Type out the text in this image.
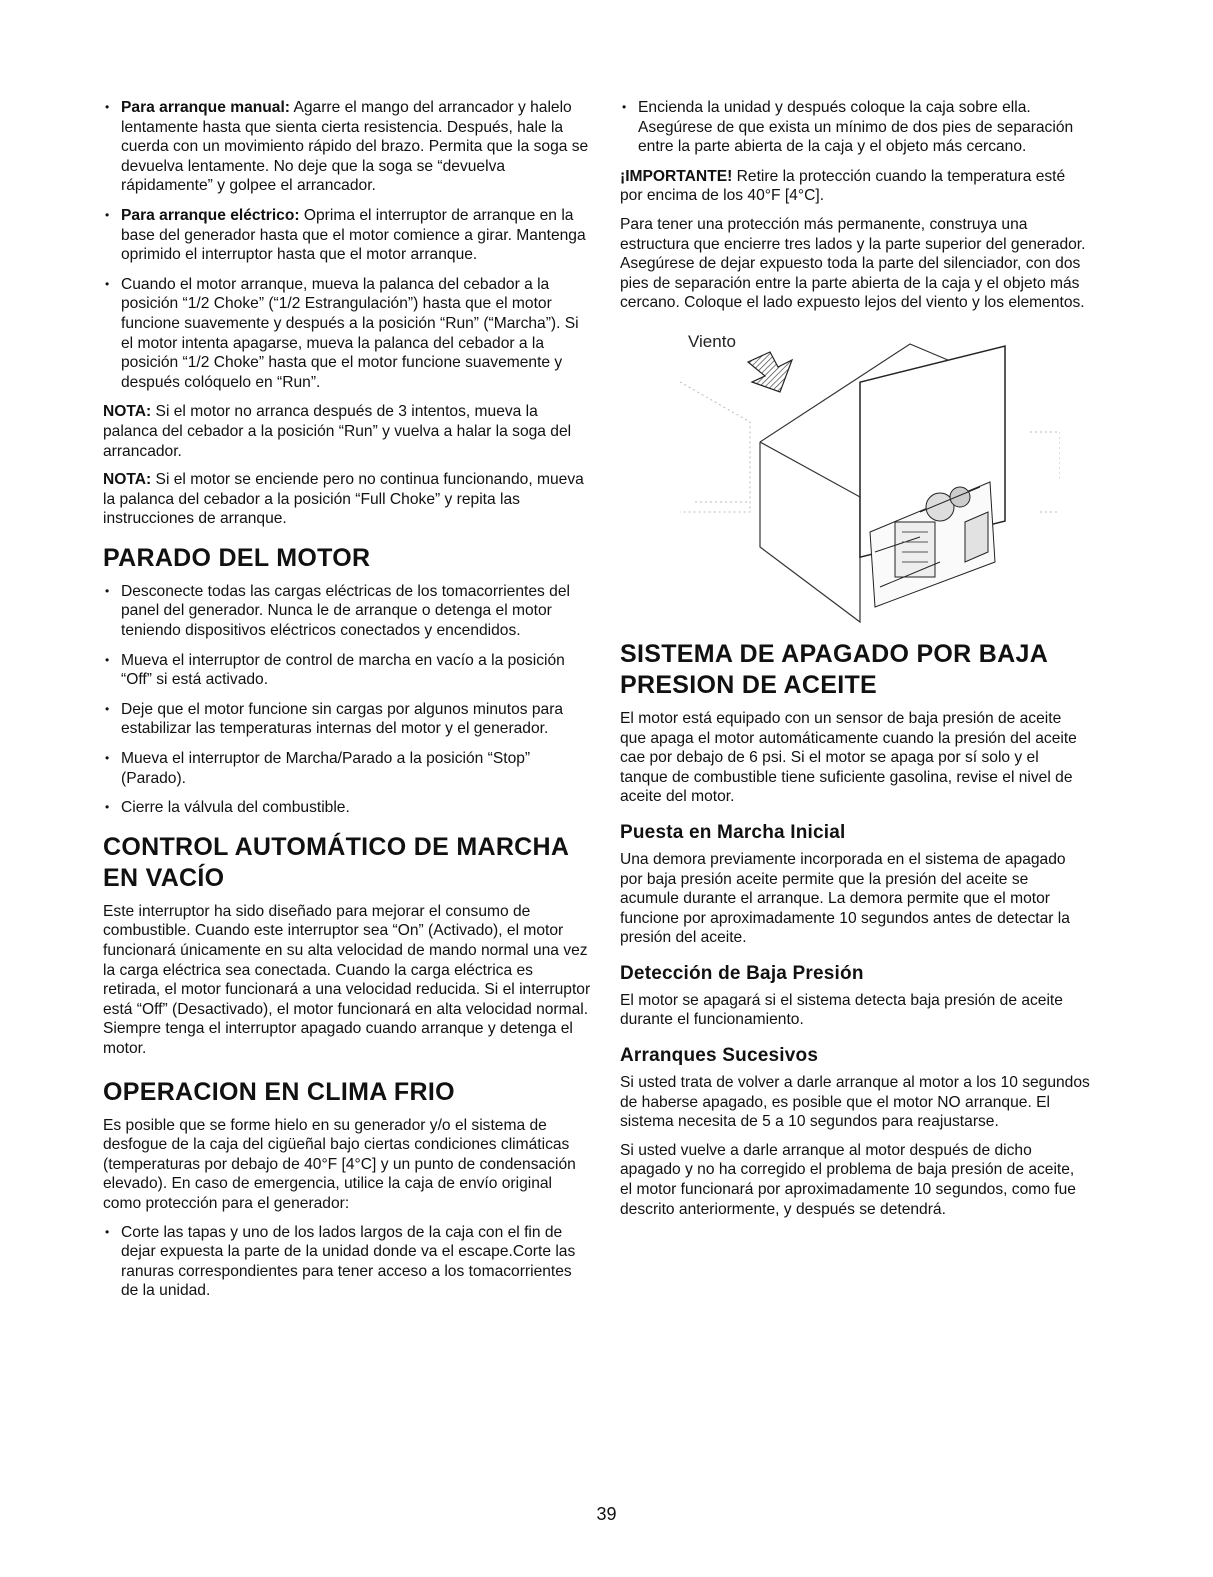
• Para arranque manual: Agarre el mango del arrancador y halelo lentamente hasta que sienta cierta resistencia. Después, hale la cuerda con un movimiento rápido del brazo. Permita que la soga se devuelva lentamente. No deje que la soga se “devuelva rápidamente” y golpee el arrancador.
• Para arranque eléctrico: Oprima el interruptor de arranque en la base del generador hasta que el motor comience a girar. Mantenga oprimido el interruptor hasta que el motor arranque.
• Cuando el motor arranque, mueva la palanca del cebador a la posición “1/2 Choke” (“1/2 Estrangulación”) hasta que el motor funcione suavemente y después a la posición “Run” (“Marcha”). Si el motor intenta apagarse, mueva la palanca del cebador a la posición “1/2 Choke” hasta que el motor funcione suavemente y después colóquelo en “Run”.

NOTA: Si el motor no arranca después de 3 intentos, mueva la palanca del cebador a la posición “Run” y vuelva a halar la soga del arrancador.

NOTA: Si el motor se enciende pero no continua funcionando, mueva la palanca del cebador a la posición “Full Choke” y repita las instrucciones de arranque.

PARADO DEL MOTOR
• Desconecte todas las cargas eléctricas de los tomacorrientes del panel del generador. Nunca le de arranque o detenga el motor teniendo dispositivos eléctricos conectados y encendidos.
• Mueva el interruptor de control de marcha en vacío a la posición “Off” si está activado.
• Deje que el motor funcione sin cargas por algunos minutos para estabilizar las temperaturas internas del motor y el generador.
• Mueva el interruptor de Marcha/Parado a la posición “Stop” (Parado).
• Cierre la válvula del combustible.
CONTROL AUTOMÁTICO DE MARCHA EN VACÍO

Este interruptor ha sido diseñado para mejorar el consumo de combustible. Cuando este interruptor sea “On” (Activado), el motor funcionará únicamente en su alta velocidad de mando normal una vez la carga eléctrica sea conectada. Cuando la carga eléctrica es retirada, el motor funcionará a una velocidad reducida. Si el interruptor está “Off” (Desactivado), el motor funcionará en alta velocidad normal. Siempre tenga el interruptor apagado cuando arranque y detenga el motor.

OPERACION EN CLIMA FRIO

Es posible que se forme hielo en su generador y/o el sistema de desfogue de la caja del cigüeñal bajo ciertas condiciones climáticas (temperaturas por debajo de 40°F [4°C] y un punto de condensación elevado). En caso de emergencia, utilice la caja de envío original como protección para el generador:

• Corte las tapas y uno de los lados largos de la caja con el fin de dejar expuesta la parte de la unidad donde va el escape.Corte las ranuras correspondientes para tener acceso a los tomacorrientes de la unidad.
• Encienda la unidad y después coloque la caja sobre ella. Asegúrese de que exista un mínimo de dos pies de separación entre la parte abierta de la caja y el objeto más cercano.

¡IMPORTANTE! Retire la protección cuando la temperatura esté por encima de los 40°F [4°C].

Para tener una protección más permanente, construya una estructura que encierre tres lados y la parte superior del generador. Asegúrese de dejar expuesto toda la parte del silenciador, con dos pies de separación entre la parte abierta de la caja y el objeto más cercano. Coloque el lado expuesto lejos del viento y los elementos.

Viento
SISTEMA DE APAGADO POR BAJA PRESION DE ACEITE

El motor está equipado con un sensor de baja presión de aceite que apaga el motor automáticamente cuando la presión del aceite cae por debajo de 6 psi. Si el motor se apaga por sí solo y el tanque de combustible tiene suficiente gasolina, revise el nivel de aceite del motor.

Puesta en Marcha Inicial

Una demora previamente incorporada en el sistema de apagado por baja presión aceite permite que la presión del aceite se acumule durante el arranque. La demora permite que el motor funcione por aproximadamente 10 segundos antes de detectar la presión del aceite.

Detección de Baja Presión

El motor se apagará si el sistema detecta baja presión de aceite durante el funcionamiento.

Arranques Sucesivos

Si usted trata de volver a darle arranque al motor a los 10 segundos de haberse apagado, es posible que el motor NO arranque. El sistema necesita de 5 a 10 segundos para reajustarse.

Si usted vuelve a darle arranque al motor después de dicho apagado y no ha corregido el problema de baja presión de aceite, el motor funcionará por aproximadamente 10 segundos, como fue descrito anteriormente, y después se detendrá.

39
